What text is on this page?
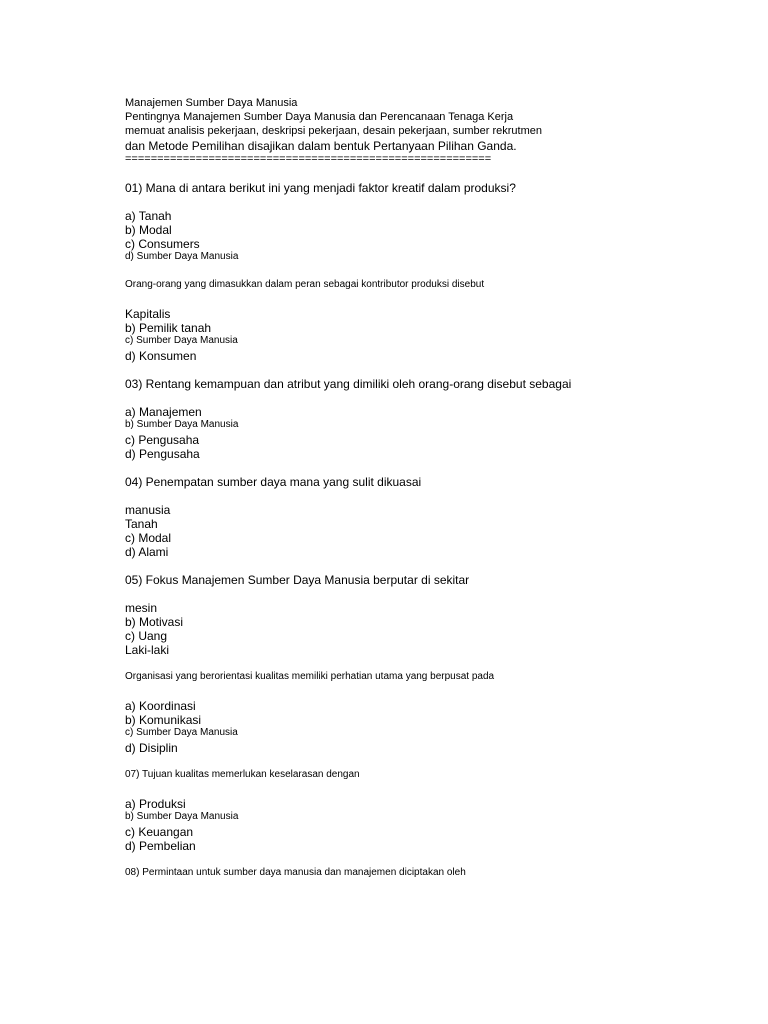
Manajemen Sumber Daya Manusia
Pentingnya Manajemen Sumber Daya Manusia dan Perencanaan Tenaga Kerja
memuat analisis pekerjaan, deskripsi pekerjaan, desain pekerjaan, sumber rekrutmen
dan Metode Pemilihan disajikan dalam bentuk Pertanyaan Pilihan Ganda.
=========================================================
01) Mana di antara berikut ini yang menjadi faktor kreatif dalam produksi?
a) Tanah
b) Modal
c) Consumers
d) Sumber Daya Manusia
Orang-orang yang dimasukkan dalam peran sebagai kontributor produksi disebut
Kapitalis
b) Pemilik tanah
c) Sumber Daya Manusia
d) Konsumen
03) Rentang kemampuan dan atribut yang dimiliki oleh orang-orang disebut sebagai
a) Manajemen
b) Sumber Daya Manusia
c) Pengusaha
d) Pengusaha
04) Penempatan sumber daya mana yang sulit dikuasai
manusia
Tanah
c) Modal
d) Alami
05) Fokus Manajemen Sumber Daya Manusia berputar di sekitar
mesin
b) Motivasi
c) Uang
Laki-laki
Organisasi yang berorientasi kualitas memiliki perhatian utama yang berpusat pada
a) Koordinasi
b) Komunikasi
c) Sumber Daya Manusia
d) Disiplin
07) Tujuan kualitas memerlukan keselarasan dengan
a) Produksi
b) Sumber Daya Manusia
c) Keuangan
d) Pembelian
08) Permintaan untuk sumber daya manusia dan manajemen diciptakan oleh
